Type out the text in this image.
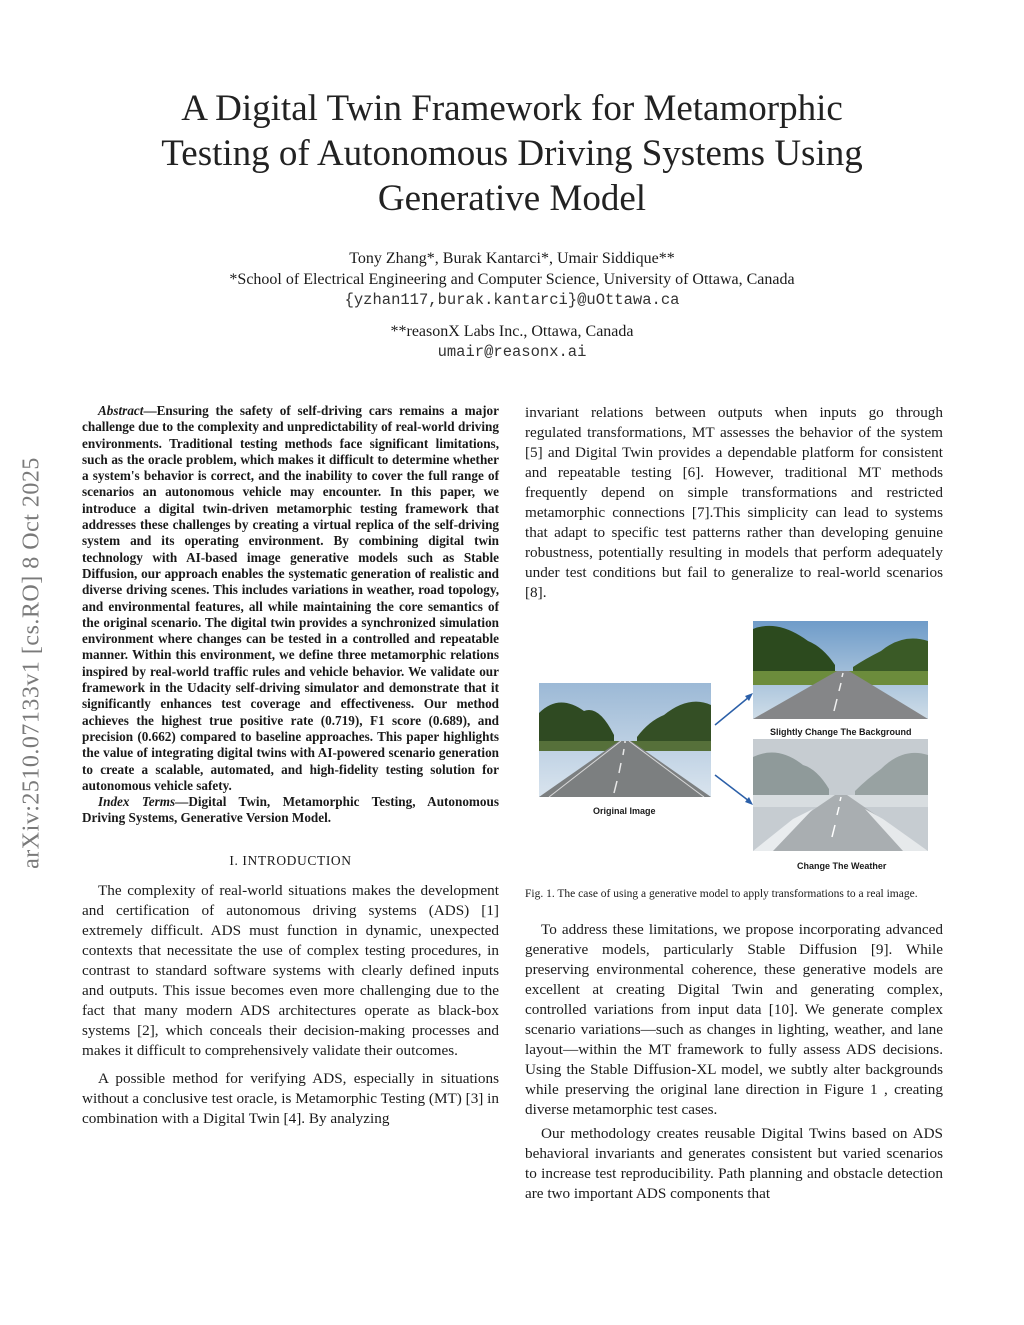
arXiv:2510.07133v1 [cs.RO] 8 Oct 2025
A Digital Twin Framework for Metamorphic
Testing of Autonomous Driving Systems Using
Generative Model
Tony Zhang*, Burak Kantarci*, Umair Siddique**
*School of Electrical Engineering and Computer Science, University of Ottawa, Canada
{yzhan117,burak.kantarci}@uOttawa.ca
**reasonX Labs Inc., Ottawa, Canada
umair@reasonx.ai

Abstract—Ensuring the safety of self-driving cars remains a major challenge due to the complexity and unpredictability of real-world driving environments. Traditional testing methods face significant limitations, such as the oracle problem, which makes it difficult to determine whether a system's behavior is correct, and the inability to cover the full range of scenarios an autonomous vehicle may encounter. In this paper, we introduce a digital twin-driven metamorphic testing framework that addresses these challenges by creating a virtual replica of the self-driving system and its operating environment. By combining digital twin technology with AI-based image generative models such as Stable Diffusion, our approach enables the systematic generation of realistic and diverse driving scenes. This includes variations in weather, road topology, and environmental features, all while maintaining the core semantics of the original scenario. The digital twin provides a synchronized simulation environment where changes can be tested in a controlled and repeatable manner. Within this environment, we define three metamorphic relations inspired by real-world traffic rules and vehicle behavior. We validate our framework in the Udacity self-driving simulator and demonstrate that it significantly enhances test coverage and effectiveness. Our method achieves the highest true positive rate (0.719), F1 score (0.689), and precision (0.662) compared to baseline approaches. This paper highlights the value of integrating digital twins with AI-powered scenario generation to create a scalable, automated, and high-fidelity testing solution for autonomous vehicle safety.

Index Terms—Digital Twin, Metamorphic Testing, Autonomous Driving Systems, Generative Version Model.

I. INTRODUCTION

The complexity of real-world situations makes the development and certification of autonomous driving systems (ADS) [1] extremely difficult. ADS must function in dynamic, unexpected contexts that necessitate the use of complex testing procedures, in contrast to standard software systems with clearly defined inputs and outputs. This issue becomes even more challenging due to the fact that many modern ADS architectures operate as black-box systems [2], which conceals their decision-making processes and makes it difficult to comprehensively validate their outcomes.

A possible method for verifying ADS, especially in situations without a conclusive test oracle, is Metamorphic Testing (MT) [3] in combination with a Digital Twin [4]. By analyzing

invariant relations between outputs when inputs go through regulated transformations, MT assesses the behavior of the system [5] and Digital Twin provides a dependable platform for consistent and repeatable testing [6]. However, traditional MT methods frequently depend on simple transformations and restricted metamorphic connections [7].This simplicity can lead to systems that adapt to specific test patterns rather than developing genuine robustness, potentially resulting in models that perform adequately under test conditions but fail to generalize to real-world scenarios [8].

Original Image
Slightly Change The Background
Change The Weather

Fig. 1. The case of using a generative model to apply transformations to a real image.

To address these limitations, we propose incorporating advanced generative models, particularly Stable Diffusion [9]. While preserving environmental coherence, these generative models are excellent at creating Digital Twin and generating complex, controlled variations from input data [10]. We generate complex scenario variations—such as changes in lighting, weather, and lane layout—within the MT framework to fully assess ADS decisions. Using the Stable Diffusion-XL model, we subtly alter backgrounds while preserving the original lane direction in Figure 1 , creating diverse metamorphic test cases.

Our methodology creates reusable Digital Twins based on ADS behavioral invariants and generates consistent but varied scenarios to increase test reproducibility. Path planning and obstacle detection are two important ADS components that
